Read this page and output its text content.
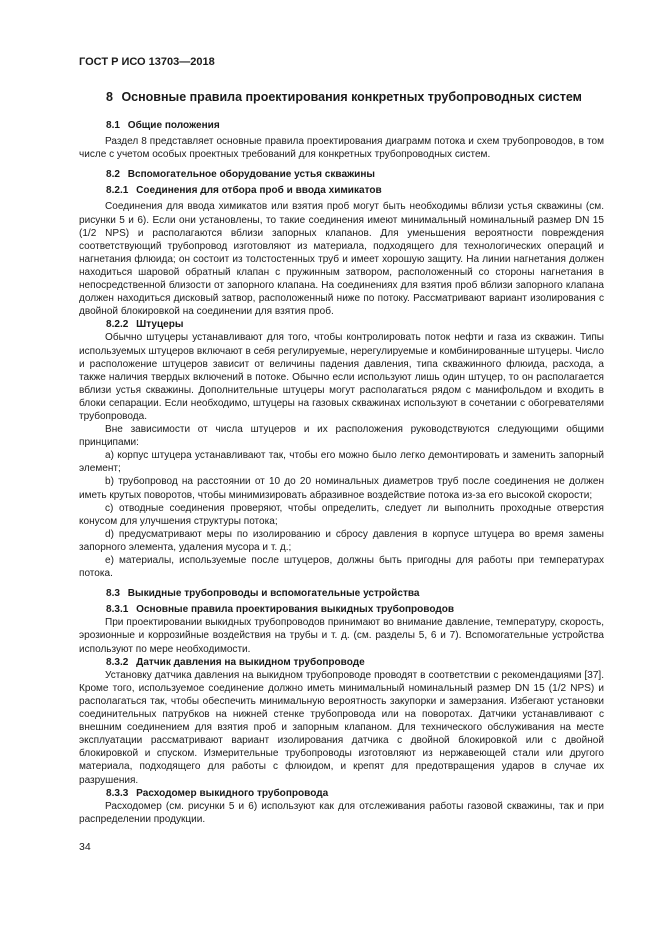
ГОСТ Р ИСО 13703—2018
8 Основные правила проектирования конкретных трубопроводных систем
8.1 Общие положения

Раздел 8 представляет основные правила проектирования диаграмм потока и схем трубопроводов, в том числе с учетом особых проектных требований для конкретных трубопроводных систем.

8.2 Вспомогательное оборудование устья скважины
8.2.1 Соединения для отбора проб и ввода химикатов

Соединения для ввода химикатов или взятия проб могут быть необходимы вблизи устья скважины (см. рисунки 5 и 6). Если они установлены, то такие соединения имеют минимальный номинальный размер DN 15 (1/2 NPS) и располагаются вблизи запорных клапанов. Для уменьшения вероятности повреждения соответствующий трубопровод изготовляют из материала, подходящего для технологических операций и нагнетания флюида; он состоит из толстостенных труб и имеет хорошую защиту. На линии нагнетания должен находиться шаровой обратный клапан с пружинным затвором, расположенный со стороны нагнетания в непосредственной близости от запорного клапана. На соединениях для взятия проб вблизи запорного клапана должен находиться дисковый затвор, расположенный ниже по потоку. Рассматривают вариант изолирования с двойной блокировкой на соединении для взятия проб.

8.2.2 Штуцеры

Обычно штуцеры устанавливают для того, чтобы контролировать поток нефти и газа из скважин. Типы используемых штуцеров включают в себя регулируемые, нерегулируемые и комбинированные штуцеры. Число и расположение штуцеров зависит от величины падения давления, типа скважинного флюида, расхода, а также наличия твердых включений в потоке. Обычно если используют лишь один штуцер, то он располагается вблизи устья скважины. Дополнительные штуцеры могут располагаться рядом с манифольдом и входить в блоки сепарации. Если необходимо, штуцеры на газовых скважинах используют в сочетании с обогревателями трубопровода.

Вне зависимости от числа штуцеров и их расположения руководствуются следующими общими принципами:

a) корпус штуцера устанавливают так, чтобы его можно было легко демонтировать и заменить запорный элемент;

b) трубопровод на расстоянии от 10 до 20 номинальных диаметров труб после соединения не должен иметь крутых поворотов, чтобы минимизировать абразивное воздействие потока из-за его высокой скорости;

c) отводные соединения проверяют, чтобы определить, следует ли выполнить проходные отверстия конусом для улучшения структуры потока;

d) предусматривают меры по изолированию и сбросу давления в корпусе штуцера во время замены запорного элемента, удаления мусора и т. д.;

e) материалы, используемые после штуцеров, должны быть пригодны для работы при температурах потока.

8.3 Выкидные трубопроводы и вспомогательные устройства
8.3.1 Основные правила проектирования выкидных трубопроводов

При проектировании выкидных трубопроводов принимают во внимание давление, температуру, скорость, эрозионные и коррозийные воздействия на трубы и т. д. (см. разделы 5, 6 и 7). Вспомогательные устройства используют по мере необходимости.

8.3.2 Датчик давления на выкидном трубопроводе

Установку датчика давления на выкидном трубопроводе проводят в соответствии с рекомендациями [37]. Кроме того, используемое соединение должно иметь минимальный номинальный размер DN 15 (1/2 NPS) и располагаться так, чтобы обеспечить минимальную вероятность закупорки и замерзания. Избегают установки соединительных патрубков на нижней стенке трубопровода или на поворотах. Датчики устанавливают с внешним соединением для взятия проб и запорным клапаном. Для технического обслуживания на месте эксплуатации рассматривают вариант изолирования датчика с двойной блокировкой или с двойной блокировкой и спуском. Измерительные трубопроводы изготовляют из нержавеющей стали или другого материала, подходящего для работы с флюидом, и крепят для предотвращения ударов в случае их разрушения.

8.3.3 Расходомер выкидного трубопровода

Расходомер (см. рисунки 5 и 6) используют как для отслеживания работы газовой скважины, так и при распределении продукции.

34
